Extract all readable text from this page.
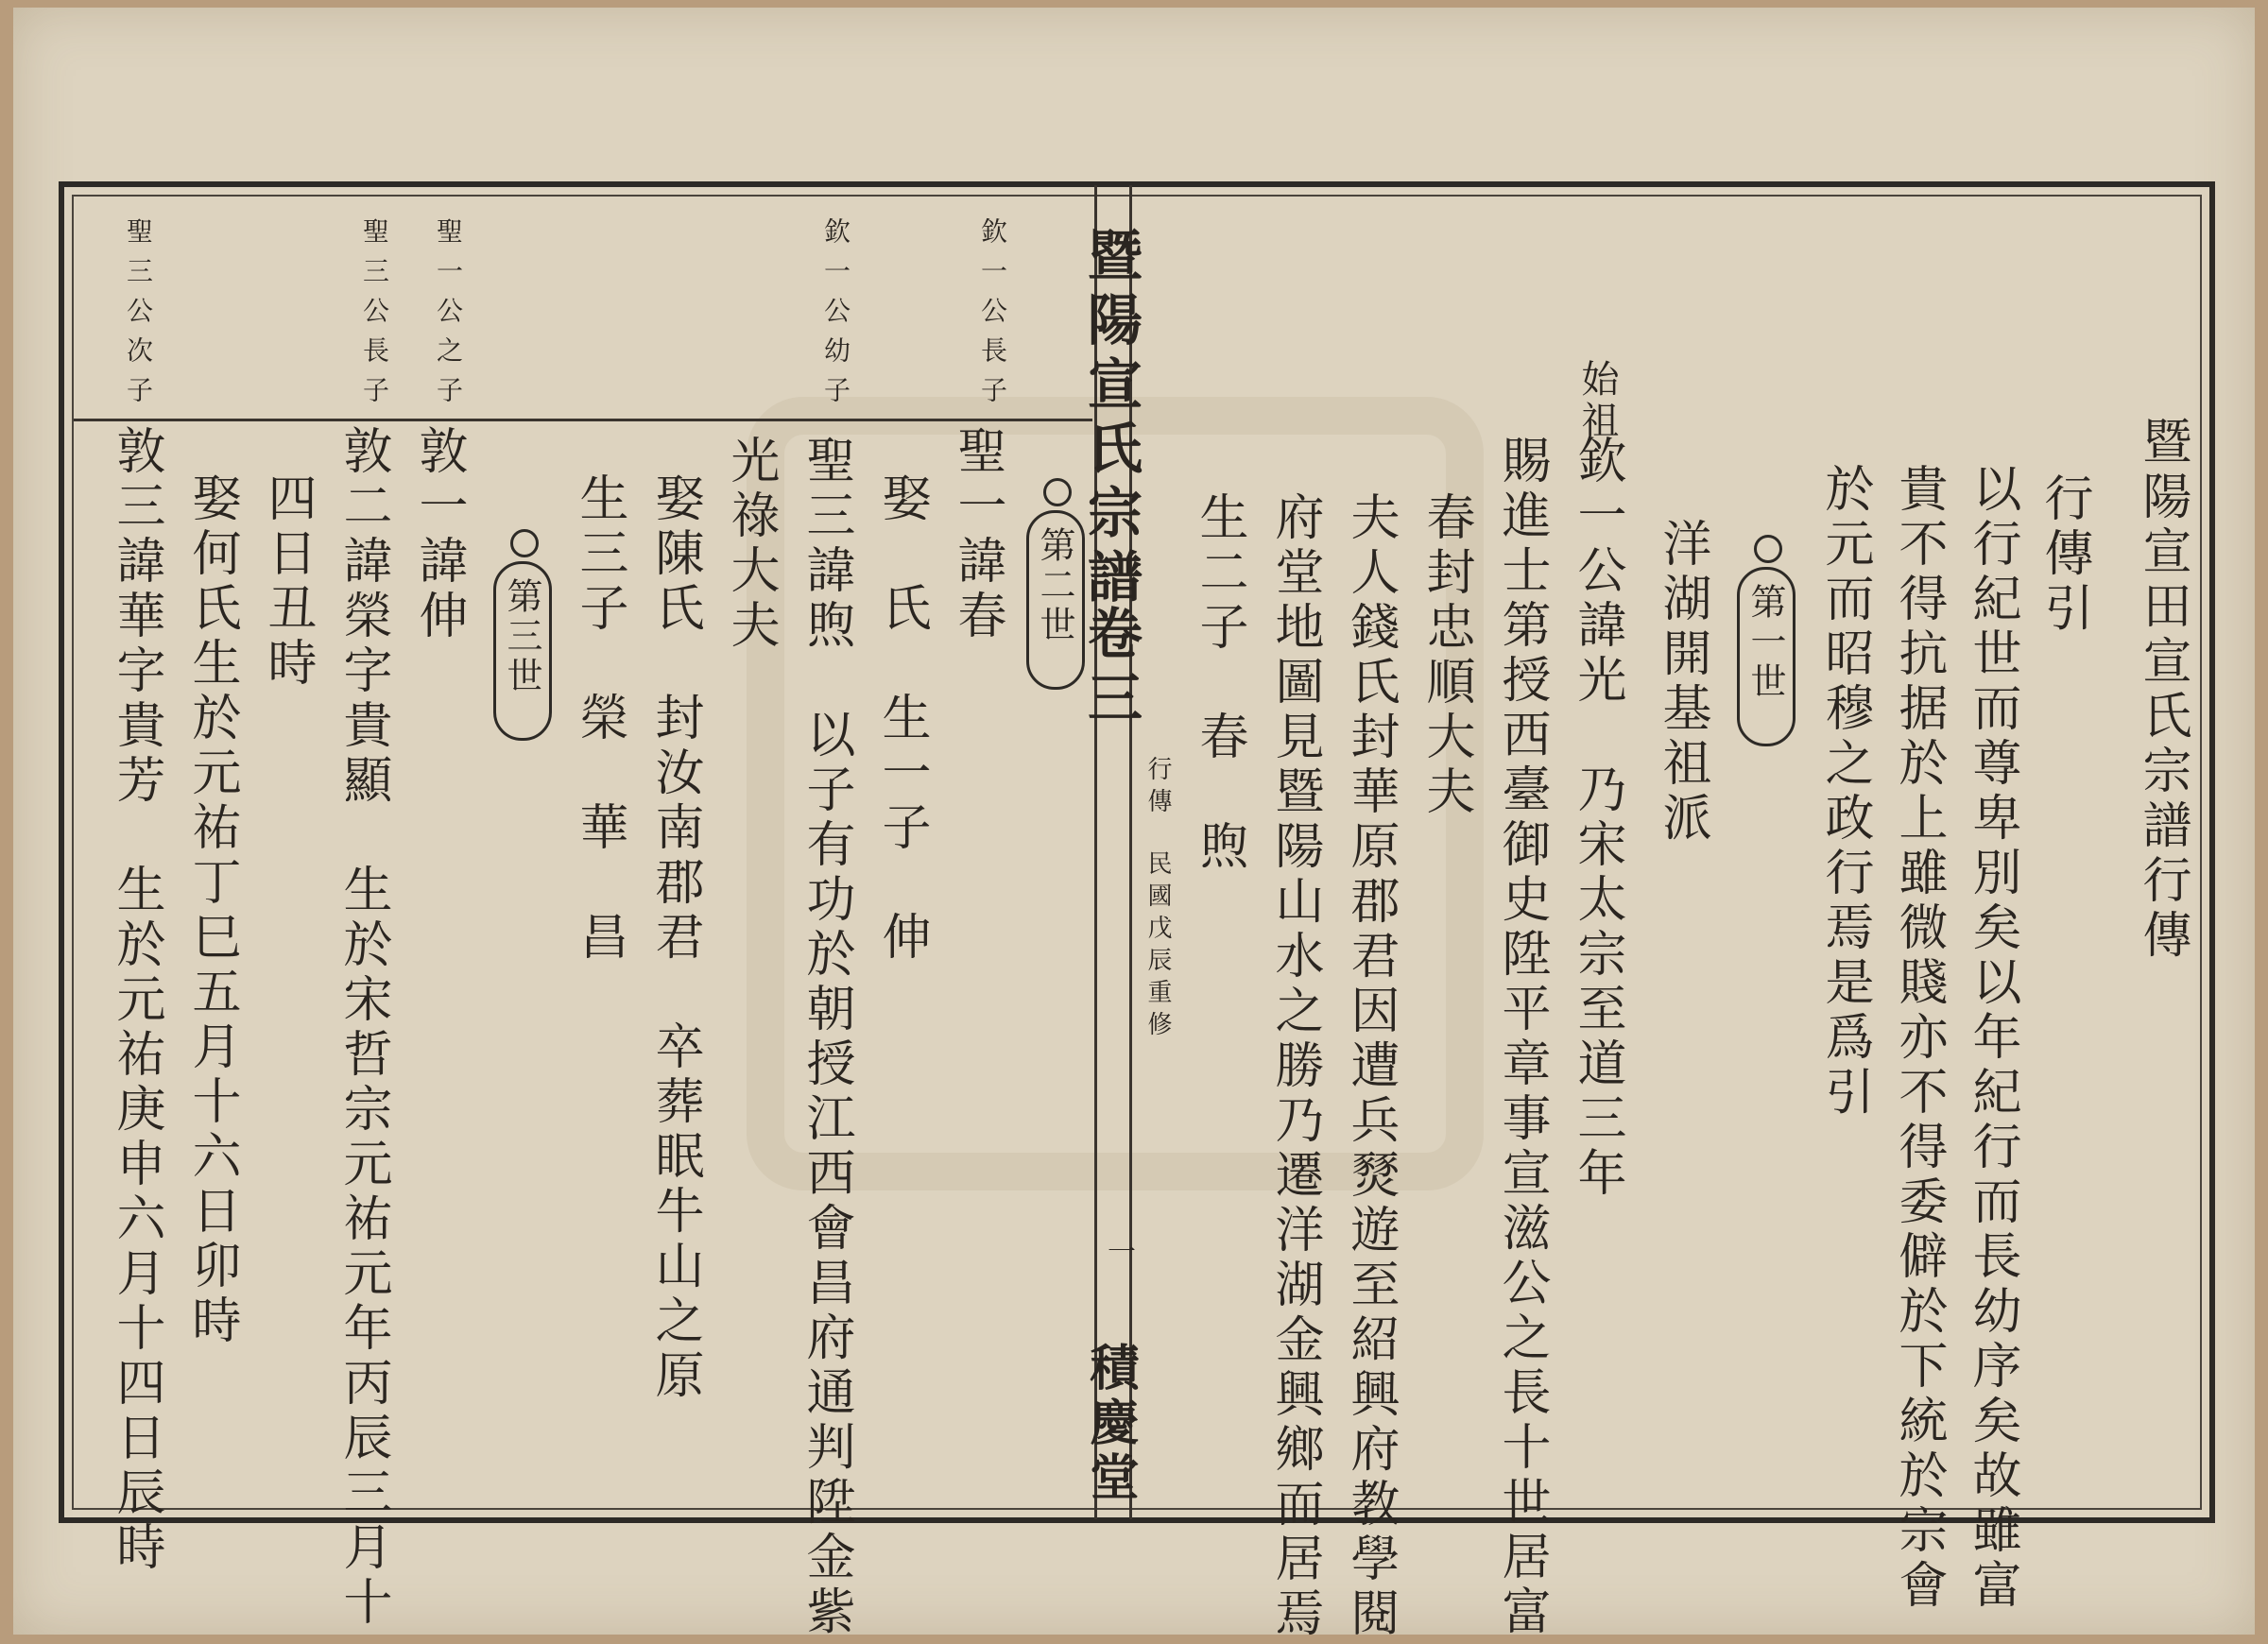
暨陽宣田宣氏宗譜行傳
行傳引
以行紀世而尊卑別矣以年紀行而長幼序矣故雖富
貴不得抗据於上雖微賤亦不得委僻於下統於宗會
於元而昭穆之政行焉是爲引
第一世
洋湖開基祖派
始祖
欽一公諱光　乃宋太宗至道三年
賜進士第授西臺御史陞平章事宣滋公之長十世居富
春封忠順大夫
夫人錢氏封華原郡君因遭兵燹遊至紹興府教學閱
府堂地圖見暨陽山水之勝乃遷洋湖金興鄉而居焉
生二子　春　煦
暨陽宣氏宗譜
卷三
行傳
民國戊辰重修
一
積慶堂
欽一公長子
欽一公幼子
聖一公之子
聖三公長子
聖三公次子
第二世
聖一諱春
娶　氏　生一子　伸
聖三諱煦　以子有功於朝授江西會昌府通判陞金紫
光祿大夫
娶陳氏　封汝南郡君　卒葬眠牛山之原
生三子　榮　華　昌
第三世
敦一諱伸
敦二諱榮字貴顯　生於宋哲宗元祐元年丙辰三月十
四日丑時
娶何氏生於元祐丁巳五月十六日卯時
敦三諱華字貴芳　生於元祐庚申六月十四日辰時
